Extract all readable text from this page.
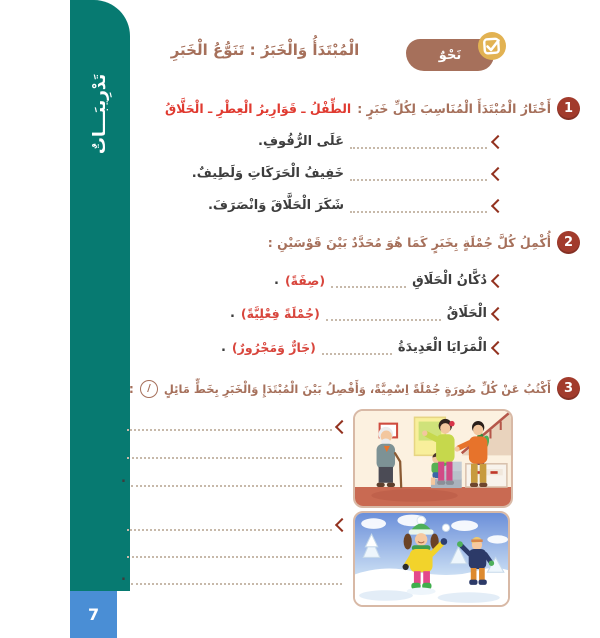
تَدْرِيبَـــاتٌ
7
نَحْوٌ
الْمُبْتَدَأُ وَالْخَبَرُ : تَنَوُّعُ الْخَبَرِ
1
أَخْتَارُ الْمُبْتَدَأَ الْمُنَاسِبَ لِكُلِّ خَبَرٍ :
الطِّفْلُ ـ قَوَارِيرُ الْعِطْرِ ـ الْحَلَّاقُ
عَلَى الرُّفُوفِ.
خَفِيفُ الْحَرَكَاتِ وَلَطِيفٌ.
شَكَرَ الْحَلَّاقَ وَانْصَرَفَ.
2
أُكْمِلُ كُلَّ جُمْلَةٍ بِخَبَرٍ كَمَا هُوَ مُحَدَّدٌ بَيْنَ قَوْسَيْنِ :
دُكَّانُ الْحَلَاقِ
(صِفَةً)
.
الْحَلَاقُ
(جُمْلَةً فِعْلِيَّةً)
.
الْمَرَايَا الْعَدِيدَةُ
(جَارٌّ وَمَجْرُورٌ)
.
3
أَكْتُبُ عَنْ كُلِّ صُورَةٍ جُمْلَةً اِسْمِيَّةً، وَأَفْصِلُ بَيْنَ الْمُبْتَدَإِ وَالْخَبَرِ بِخَطٍّ مَائِلٍ
/
:
.
.
